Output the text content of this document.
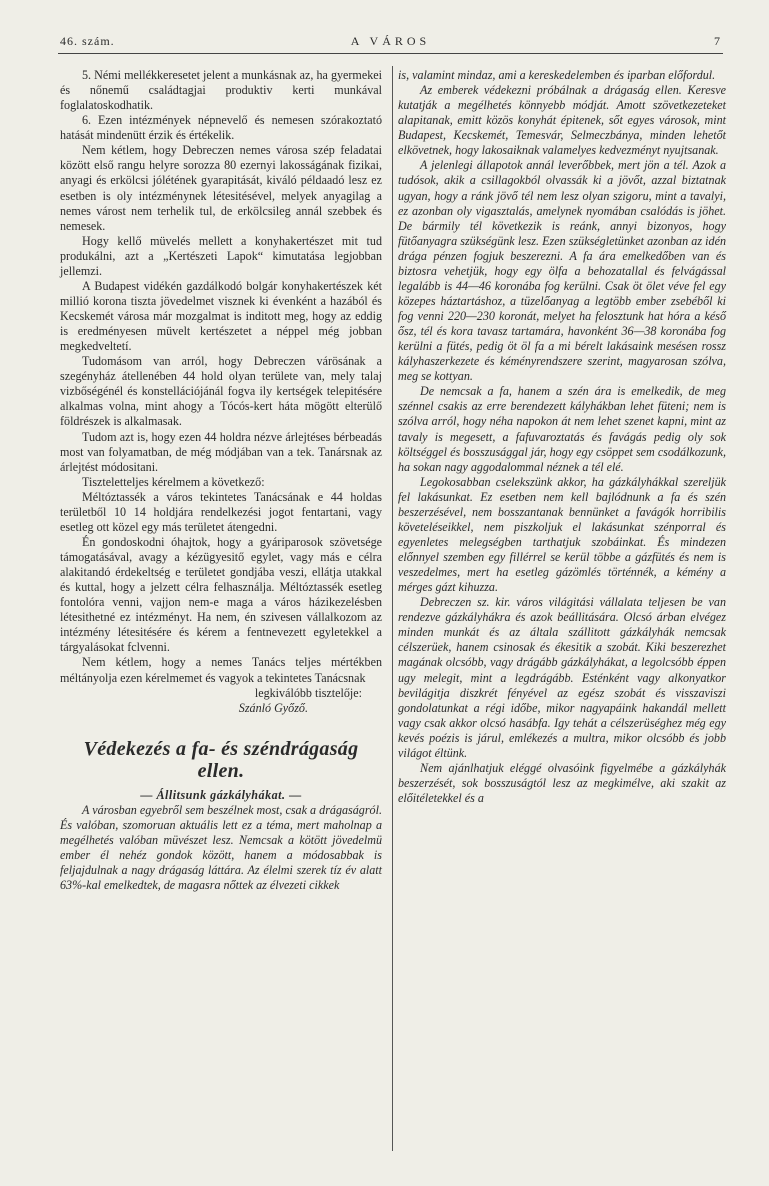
46. szám.	A VÁROS	7

5. Némi mellékkeresetet jelent a munkásnak az, ha gyermekei és nőnemű családtagjai produktiv kerti munkával foglalatoskodhatik.

6. Ezen intézmények népnevelő és nemesen szórakoztató hatását mindenütt érzik és értékelik.

Nem kétlem, hogy Debreczen nemes városa szép feladatai között első rangu helyre sorozza 80 ezernyi lakosságának fizikai, anyagi és erkölcsi jólétének gyarapitását, kiváló példaadó lesz ez esetben is oly intézménynek létesitésével, melyek anyagilag a nemes várost nem terhelik tul, de erkölcsileg annál szebbek és nemesek.

Hogy kellő müvelés mellett a konyhakertészet mit tud produkálni, azt a „Kertészeti Lapok“ kimutatása legjobban jellemzi.

A Budapest vidékén gazdálkodó bolgár konyhakertészek két millió korona tiszta jövedelmet visznek ki évenként a hazából és Kecskemét városa már mozgalmat is inditott meg, hogy az eddig is eredményesen müvelt kertészetet a néppel még jobban megkedveltetí.

Tudomásom van arról, hogy Debreczen várösának a szegényház átellenében 44 hold olyan területe van, mely talaj vizbőségénél és konstellációjánál fogva ily kertségek telepitésére alkalmas volna, mint ahogy a Tócós-kert háta mögött elterülő földrészek is alkalmasak.

Tudom azt is, hogy ezen 44 holdra nézve árlejtéses bérbeadás most van folyamatban, de még módjában van a tek. Tanársnak az árlejtést módositani.

Tiszteletteljes kérelmem a következő:

Méltóztassék a város tekintetes Tanácsának e 44 holdas területből 10 14 holdjára rendelkezési jogot fentartani, vagy esetleg ott közel egy más területet átengedni.

Én gondoskodni óhajtok, hogy a gyáriparosok szövetsége támogatásával, avagy a kézügyesitő egylet, vagy más e célra alakitandó érdekeltség e területet gondjába veszi, ellátja utakkal és kuttal, hogy a jelzett célra felhasználja. Méltóztassék esetleg fontolóra venni, vajjon nem-e maga a város házikezelésben létesithetné ez intézményt. Ha nem, én szivesen vállalkozom az intézmény létesitésére és kérem a fentnevezett egyletekkel a tárgyalásokat fclvenni.

Nem kétlem, hogy a nemes Tanács teljes mértékben méltányolja ezen kérelmemet és vagyok a tekintetes Tanácsnak

legkiválóbb tisztelője:

Szánló Győző.

Védekezés a fa- és széndrágaság ellen.

— Állitsunk gázkályhákat. —

A városban egyebről sem beszélnek most, csak a drágaságról. És valóban, szomoruan aktuális lett ez a téma, mert maholnap a megélhetés valóban müvészet lesz. Nemcsak a kötött jövedelmü ember él nehéz gondok között, hanem a módosabbak is feljajdulnak a nagy drágaság láttára. Az élelmi szerek tíz év alatt 63%-kal emelkedtek, de magasra nőttek az élvezeti cikkek

is, valamint mindaz, ami a kereskedelemben és iparban előfordul.

Az emberek védekezni próbálnak a drágaság ellen. Keresve kutatják a megélhetés könnyebb módját. Amott szövetkezeteket alapitanak, emitt közös konyhát épitenek, sőt egyes városok, mint Budapest, Kecskemét, Temesvár, Selmeczbánya, minden lehetőt elkövetnek, hogy lakosaiknak valamelyes kedvezményt nyujtsanak.

A jelenlegi állapotok annál leverőbbek, mert jön a tél. Azok a tudósok, akik a csillagokból olvassák ki a jövőt, azzal biztatnak ugyan, hogy a ránk jövő tél nem lesz olyan szigoru, mint a tavalyi, ez azonban oly vigasztalás, amelynek nyomában csalódás is jöhet. De bármily tél következik is reánk, annyi bizonyos, hogy fütőanyagra szükségünk lesz. Ezen szükségletünket azonban az idén drága pénzen fogjuk beszerezni. A fa ára emelkedőben van és biztosra vehetjük, hogy egy ölfa a behozatallal és felvágással legalább is 44—46 koronába fog kerülni. Csak öt ölet véve fel egy közepes háztartáshoz, a tüzelőanyag a legtöbb ember zsebéből ki fog venni 220—230 koronát, melyet ha felosztunk hat hóra a késő ősz, tél és kora tavasz tartamára, havonként 36—38 koronába fog kerülni a fütés, pedig öt öl fa a mi bérelt lakásaink mesésen rossz kályhaszerkezete és kéményrendszere szerint, magyarosan szólva, meg se kottyan.

De nemcsak a fa, hanem a szén ára is emelkedik, de meg szénnel csakis az erre berendezett kályhákban lehet füteni; nem is szólva arról, hogy néha napokon át nem lehet szenet kapni, mint az tavaly is megesett, a fafuvaroztatás és favágás pedig oly sok költséggel és bosszusággal jár, hogy egy csöppet sem csodálkozunk, ha sokan nagy aggodalommal néznek a tél elé.

Legokosabban cselekszünk akkor, ha gázkályhákkal szereljük fel lakásunkat. Ez esetben nem kell bajlódnunk a fa és szén beszerzésével, nem bosszantanak bennünket a favágók horribilis követeléseikkel, nem piszkoljuk el lakásunkat szénporral és egyenletes melegségben tarthatjuk szobáinkat. És mindezen előnnyel szemben egy fillérrel se kerül többe a gázfütés és nem is veszedelmes, mert ha esetleg gázömlés történnék, a kémény a mérges gázt kihuzza.

Debreczen sz. kir. város világitási vállalata teljesen be van rendezve gázkályhákra és azok beállitására. Olcsó árban elvégez minden munkát és az általa szállitott gázkályhák nemcsak célszerüek, hanem csinosak és ékesitik a szobát. Kiki beszerezhet magának olcsóbb, vagy drágább gázkályhákat, a legolcsóbb éppen ugy melegit, mint a legdrágább. Esténként vagy alkonyatkor bevilágitja diszkrét fényével az egész szobát és visszaviszi gondolatunkat a régi időbe, mikor nagyapáink hakandál mellett vagy csak akkor olcsó hasábfa. Igy tehát a célszerüséghez még egy kevés poézis is járul, emlékezés a multra, mikor olcsóbb és jobb világot éltünk.

Nem ajánlhatjuk eléggé olvasóink figyelmébe a gázkályhák beszerzését, sok bosszuságtól lesz az megkimélve, aki szakit az előitéletekkel és a
